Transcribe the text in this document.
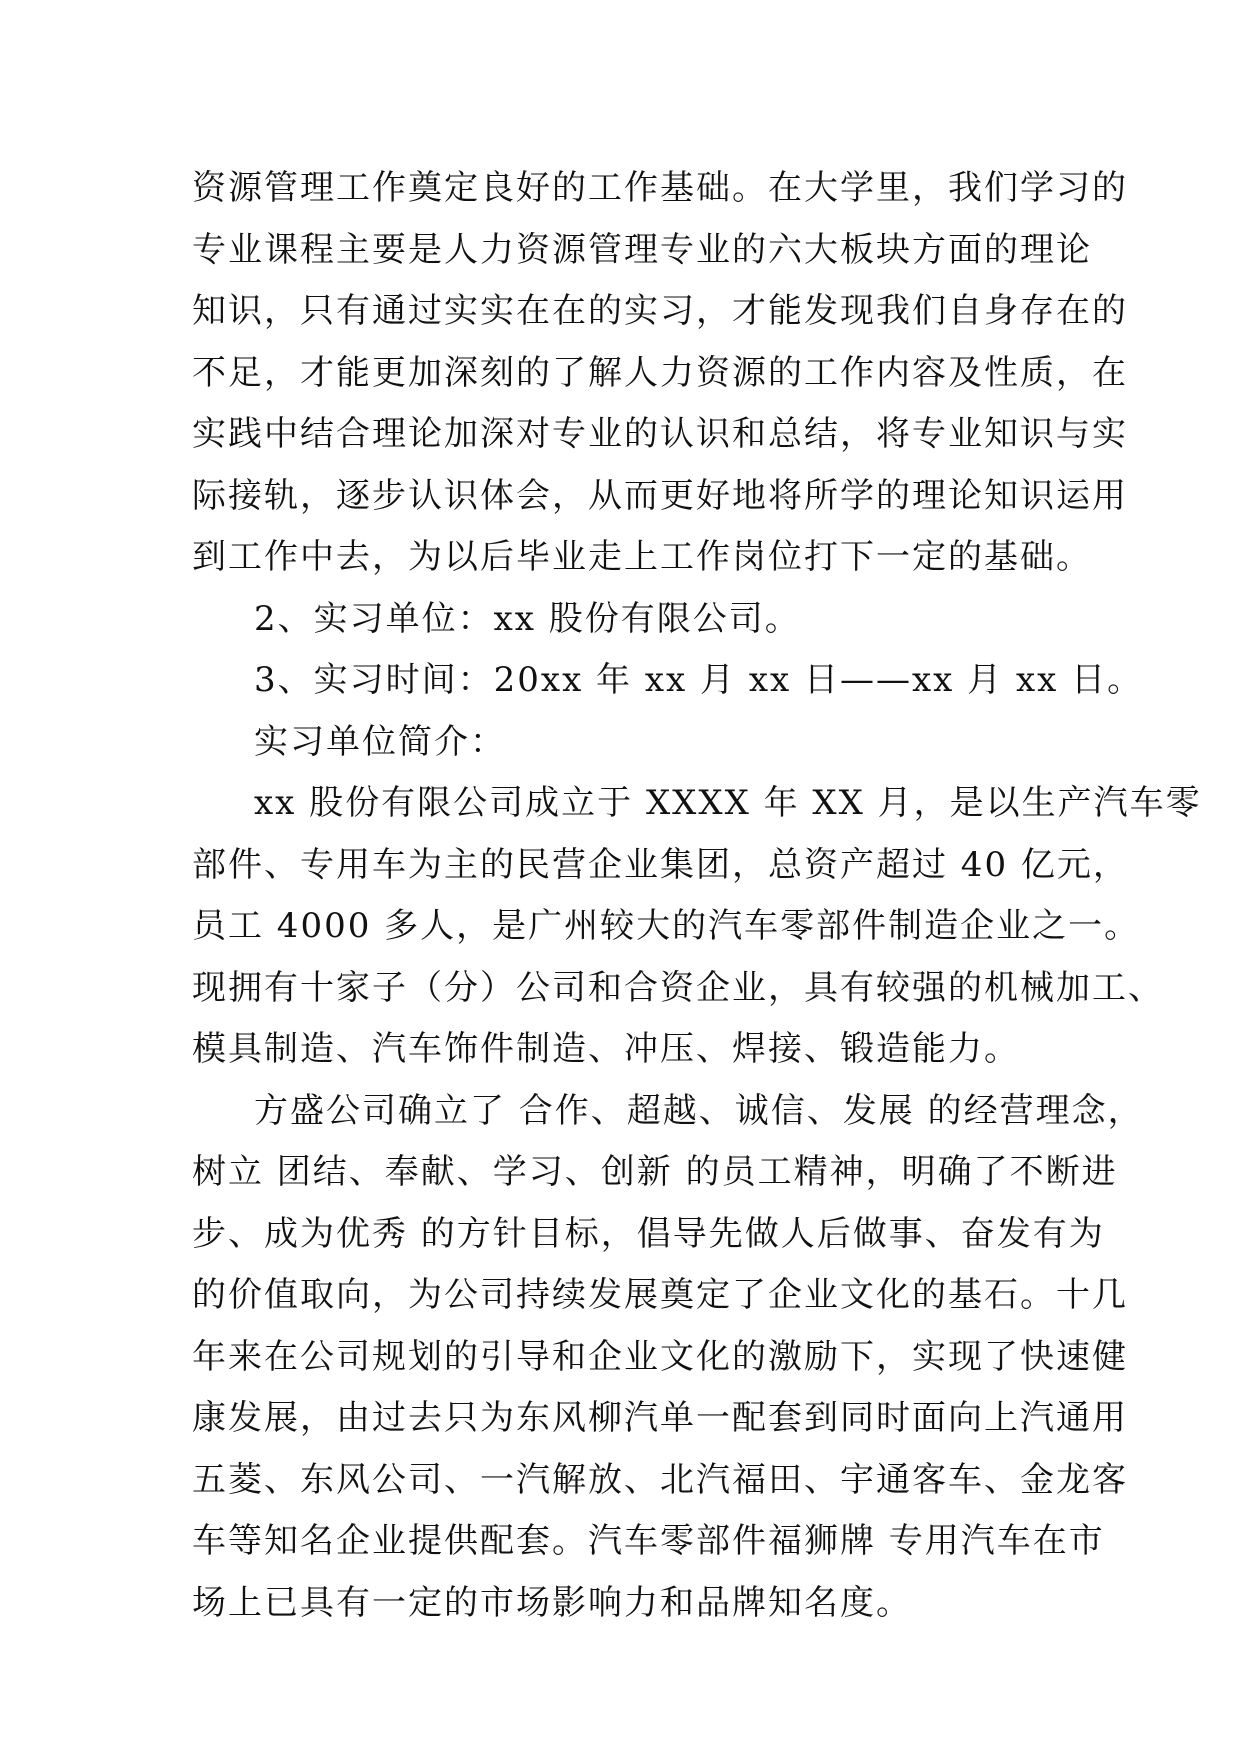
资源管理工作奠定良好的工作基础。在大学里，我们学习的
专业课程主要是人力资源管理专业的六大板块方面的理论
知识，只有通过实实在在的实习，才能发现我们自身存在的
不足，才能更加深刻的了解人力资源的工作内容及性质，在
实践中结合理论加深对专业的认识和总结，将专业知识与实
际接轨，逐步认识体会，从而更好地将所学的理论知识运用
到工作中去，为以后毕业走上工作岗位打下一定的基础。
2、实习单位：xx 股份有限公司。
3、实习时间：20xx 年 xx 月 xx 日——xx 月 xx 日。
实习单位简介：
xx 股份有限公司成立于 XXXX 年 XX 月，是以生产汽车零
部件、专用车为主的民营企业集团，总资产超过 40 亿元，
员工 4000 多人，是广州较大的汽车零部件制造企业之一。
现拥有十家子（分）公司和合资企业，具有较强的机械加工、
模具制造、汽车饰件制造、冲压、焊接、锻造能力。
方盛公司确立了 合作、超越、诚信、发展 的经营理念，
树立 团结、奉献、学习、创新 的员工精神，明确了不断进
步、成为优秀 的方针目标，倡导先做人后做事、奋发有为
的价值取向，为公司持续发展奠定了企业文化的基石。十几
年来在公司规划的引导和企业文化的激励下，实现了快速健
康发展，由过去只为东风柳汽单一配套到同时面向上汽通用
五菱、东风公司、一汽解放、北汽福田、宇通客车、金龙客
车等知名企业提供配套。汽车零部件福狮牌 专用汽车在市
场上已具有一定的市场影响力和品牌知名度。
